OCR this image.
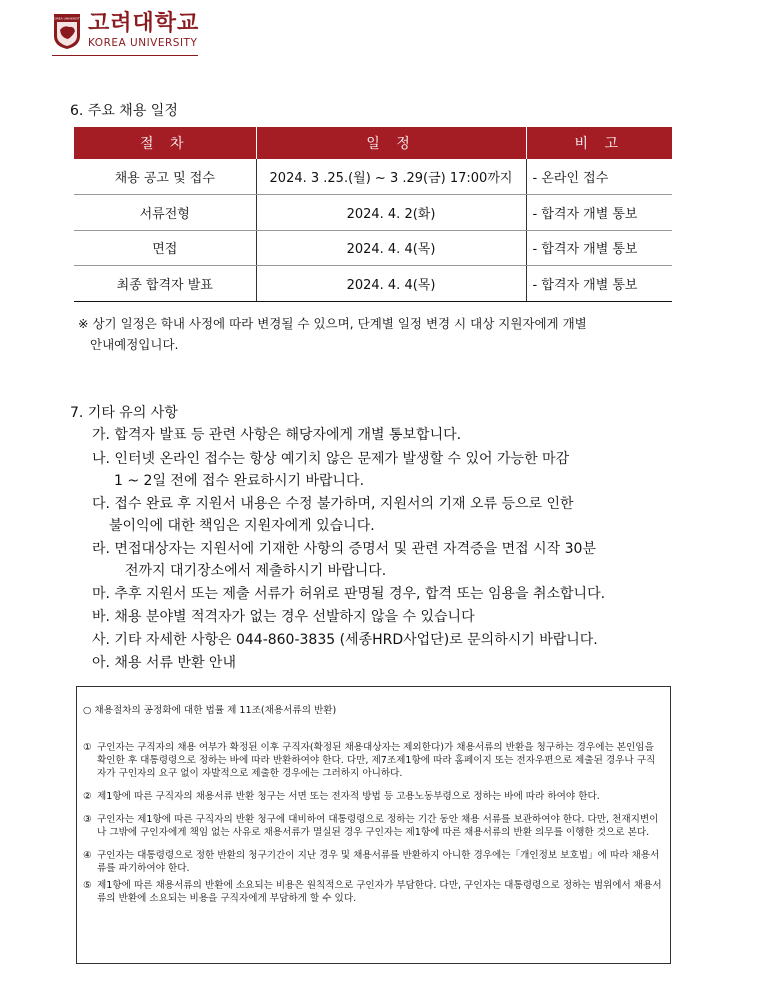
KOREA UNIVERSITY 고려대학교
KOREA UNIVERSITY
6. 주요 채용 일정
절 차	일 정	비 고
채용 공고 및 접수	2024. 3 .25.(월) ~ 3 .29(금) 17:00까지	- 온라인 접수
서류전형	2024. 4. 2(화)	- 합격자 개별 통보
면접	2024. 4. 4(목)	- 합격자 개별 통보
최종 합격자 발표	2024. 4. 4(목)	- 합격자 개별 통보
※ 상기 일정은 학내 사정에 따라 변경될 수 있으며, 단계별 일정 변경 시 대상 지원자에게 개별
안내예정입니다.
7. 기타 유의 사항
가. 합격자 발표 등 관련 사항은 해당자에게 개별 통보합니다.
나. 인터넷 온라인 접수는 항상 예기치 않은 문제가 발생할 수 있어 가능한 마감
1 ~ 2일 전에 접수 완료하시기 바랍니다.
다. 접수 완료 후 지원서 내용은 수정 불가하며, 지원서의 기재 오류 등으로 인한
불이익에 대한 책임은 지원자에게 있습니다.
라. 면접대상자는 지원서에 기재한 사항의 증명서 및 관련 자격증을 면접 시작 30분
전까지 대기장소에서 제출하시기 바랍니다.
마. 추후 지원서 또는 제출 서류가 허위로 판명될 경우, 합격 또는 임용을 취소합니다.
바. 채용 분야별 적격자가 없는 경우 선발하지 않을 수 있습니다
사. 기타 자세한 사항은 044-860-3835 (세종HRD사업단)로 문의하시기 바랍니다.
아. 채용 서류 반환 안내

○ 채용절차의 공정화에 대한 법률 제 11조(채용서류의 반환)

① 구인자는 구직자의 채용 여부가 확정된 이후 구직자(확정된 채용대상자는 제외한다)가 채용서류의 반환을 청구하는 경우에는 본인임을 확인한 후 대통령령으로 정하는 바에 따라 반환하여야 한다. 다만, 제7조제1항에 따라 홈페이지 또는 전자우편으로 제출된 경우나 구직자가 구인자의 요구 없이 자발적으로 제출한 경우에는 그러하지 아니하다.
② 제1항에 따른 구직자의 채용서류 반환 청구는 서면 또는 전자적 방법 등 고용노동부령으로 정하는 바에 따라 하여야 한다.
③ 구인자는 제1항에 따른 구직자의 반환 청구에 대비하여 대통령령으로 정하는 기간 동안 채용 서류를 보관하여야 한다. 다만, 천재지변이나 그밖에 구인자에게 책임 없는 사유로 채용서류가 멸실된 경우 구인자는 제1항에 따른 채용서류의 반환 의무를 이행한 것으로 본다.
④ 구인자는 대통령령으로 정한 반환의 청구기간이 지난 경우 및 채용서류를 반환하지 아니한 경우에는「개인정보 보호법」에 따라 채용서류를 파기하여야 한다.
⑤ 제1항에 따른 채용서류의 반환에 소요되는 비용은 원칙적으로 구인자가 부담한다. 다만, 구인자는 대통령령으로 정하는 범위에서 채용서류의 반환에 소요되는 비용을 구직자에게 부담하게 할 수 있다.
